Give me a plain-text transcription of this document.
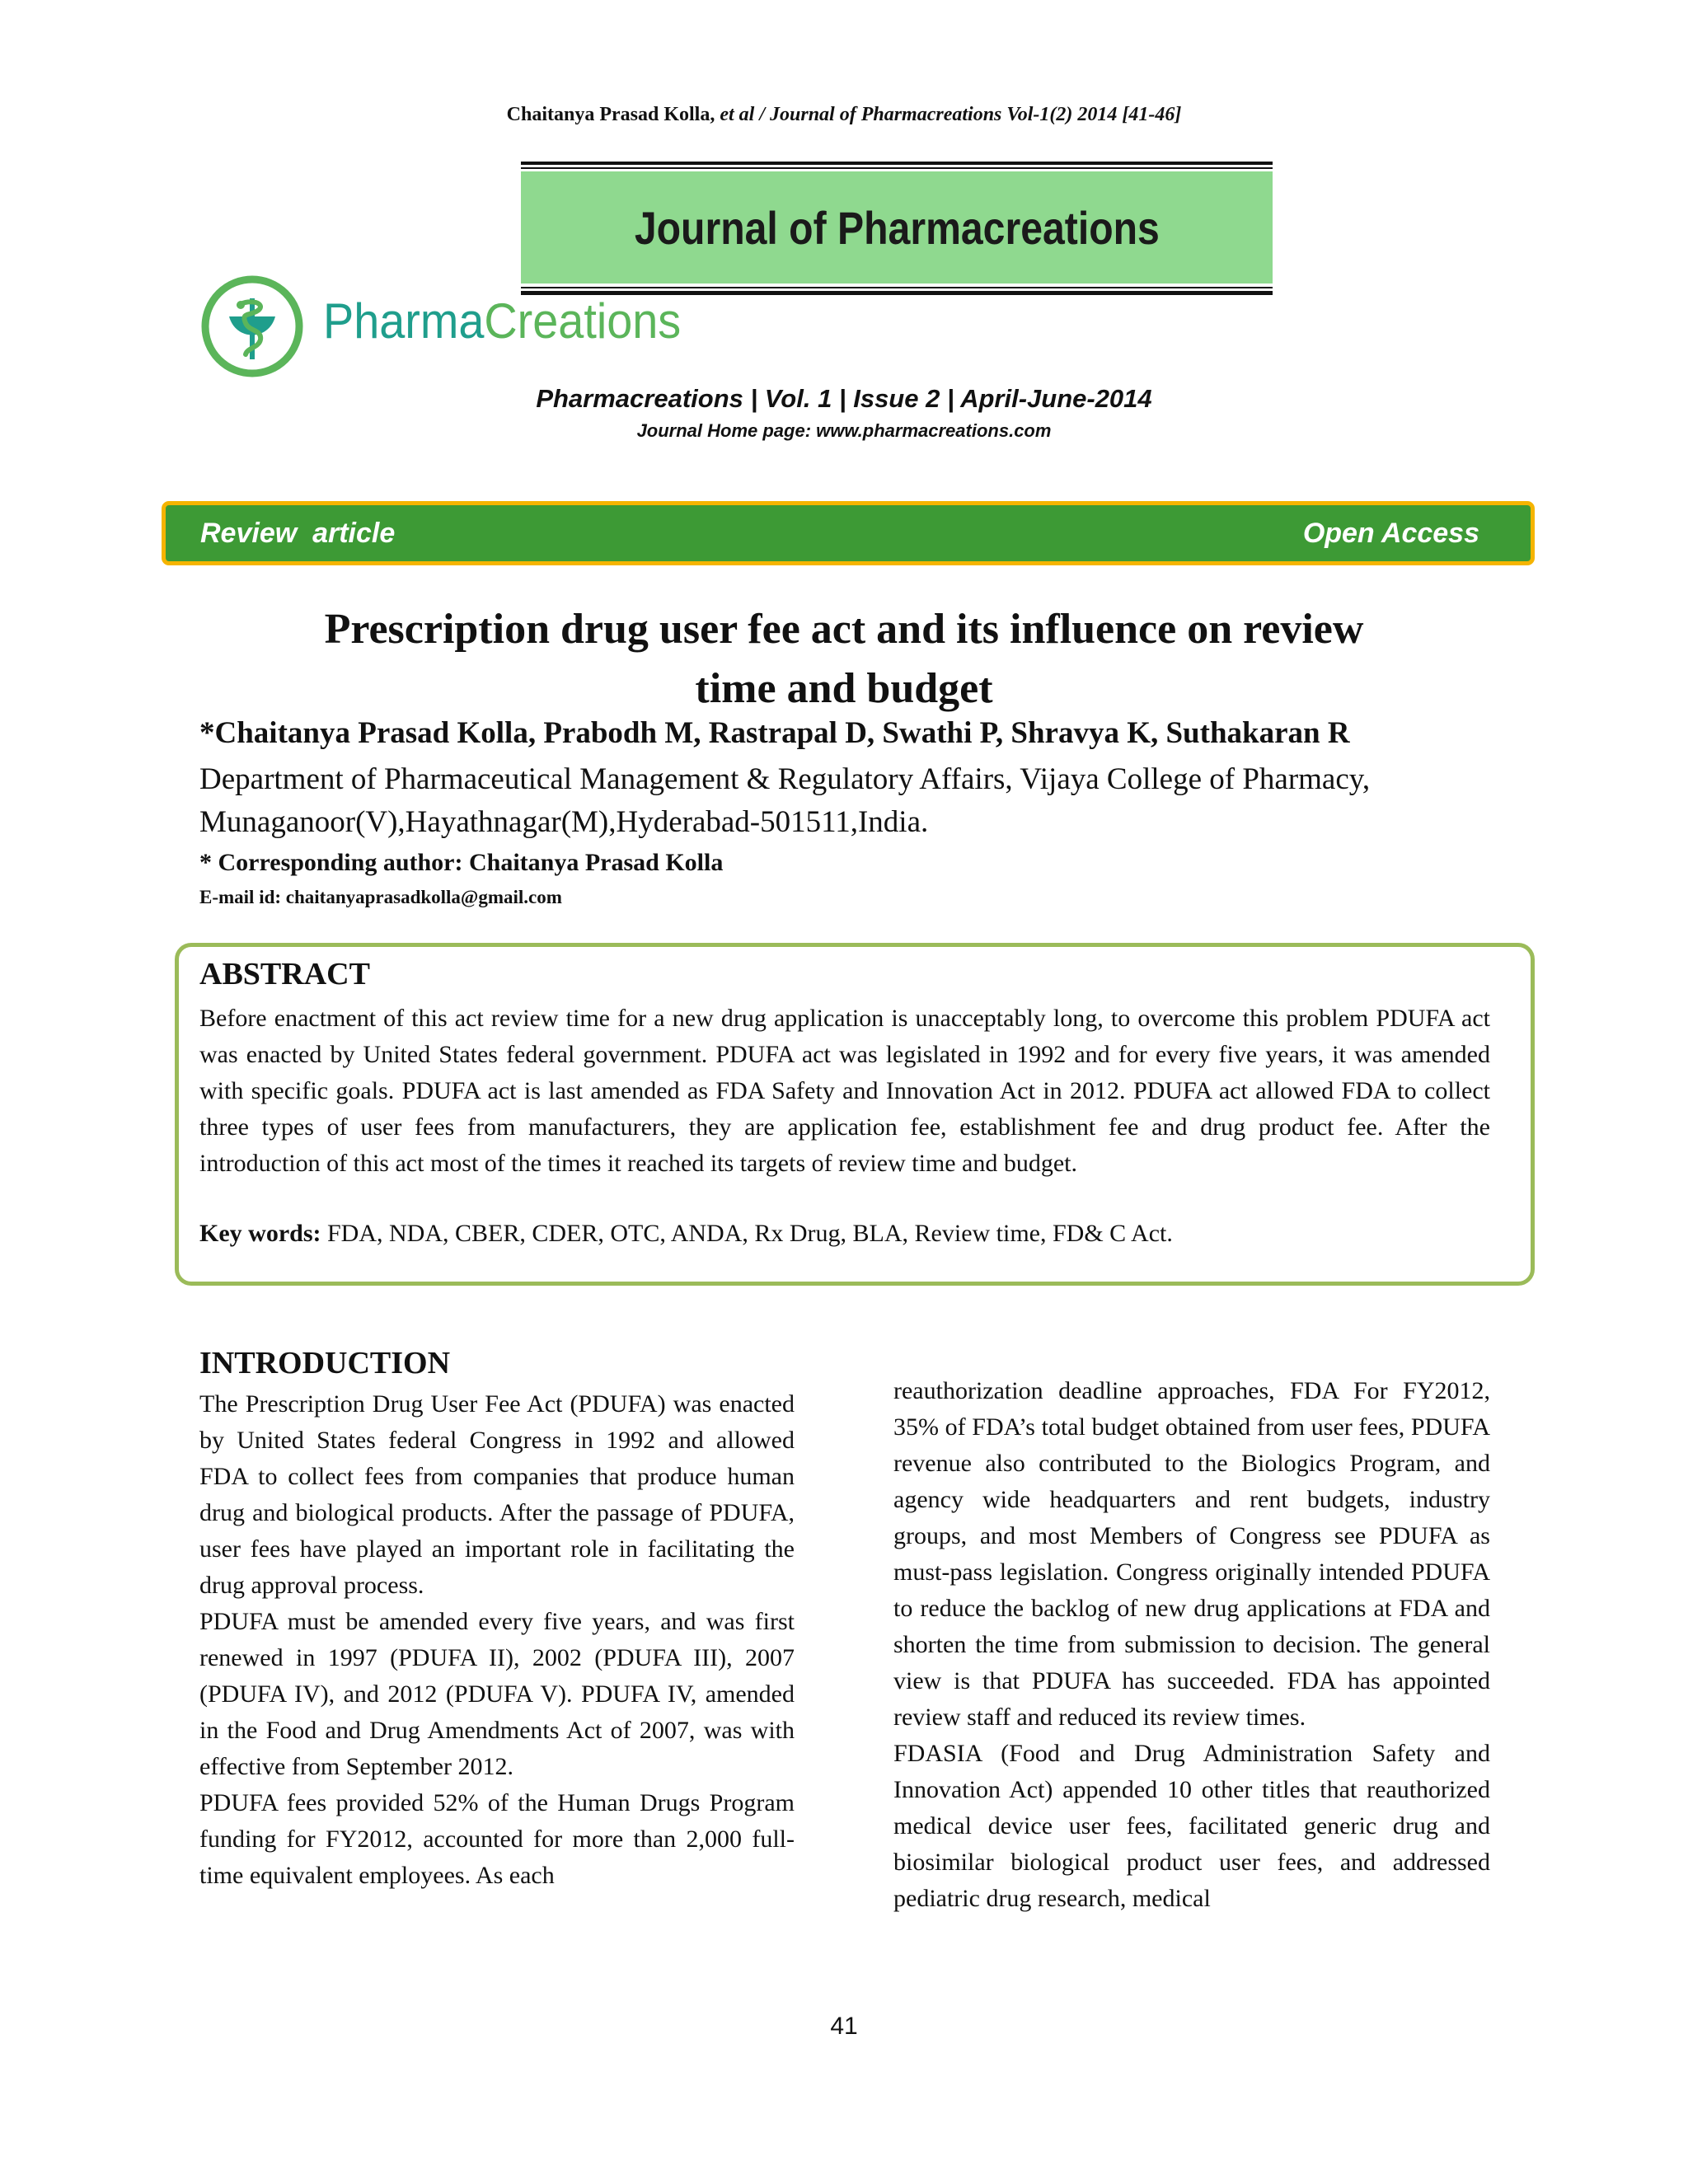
Chaitanya Prasad Kolla, et al / Journal of Pharmacreations Vol-1(2) 2014 [41-46]
Journal of Pharmacreations
PharmaCreations
Pharmacreations | Vol. 1 | Issue 2 | April-June-2014
Journal Home page: www.pharmacreations.com
Review  article	Open Access
Prescription drug user fee act and its influence on review
time and budget
*Chaitanya Prasad Kolla, Prabodh M, Rastrapal D, Swathi P, Shravya K, Suthakaran R
Department of Pharmaceutical Management & Regulatory Affairs, Vijaya College of Pharmacy, Munaganoor(V),Hayathnagar(M),Hyderabad-501511,India.
* Corresponding author: Chaitanya Prasad Kolla
E-mail id: chaitanyaprasadkolla@gmail.com
ABSTRACT
Before enactment of this act review time for a new drug application is unacceptably long, to overcome this problem PDUFA act was enacted by United States federal government. PDUFA act was legislated in 1992 and for every five years, it was amended with specific goals. PDUFA act is last amended as FDA Safety and Innovation Act in 2012. PDUFA act allowed FDA to collect three types of user fees from manufacturers, they are application fee, establishment fee and drug product fee. After the introduction of this act most of the times it reached its targets of review time and budget.
Key words: FDA, NDA, CBER, CDER, OTC, ANDA, Rx Drug, BLA, Review time, FD& C Act.
INTRODUCTION

The Prescription Drug User Fee Act (PDUFA) was enacted by United States federal Congress in 1992 and allowed FDA to collect fees from companies that produce human drug and biological products. After the passage of PDUFA, user fees have played an important role in facilitating the drug approval process.

PDUFA must be amended every five years, and was first renewed in 1997 (PDUFA II), 2002 (PDUFA III), 2007 (PDUFA IV), and 2012 (PDUFA V). PDUFA IV, amended in the Food and Drug Amendments Act of 2007, was with effective from September 2012.

PDUFA fees provided 52% of the Human Drugs Program funding for FY2012, accounted for more than 2,000 full-time equivalent employees. As each

reauthorization deadline approaches, FDA For FY2012, 35% of FDA’s total budget obtained from user fees, PDUFA revenue also contributed to the Biologics Program, and agency wide headquarters and rent budgets, industry groups, and most Members of Congress see PDUFA as must-pass legislation. Congress originally intended PDUFA to reduce the backlog of new drug applications at FDA and shorten the time from submission to decision. The general view is that PDUFA has succeeded. FDA has appointed review staff and reduced its review times.

FDASIA (Food and Drug Administration Safety and Innovation Act) appended 10 other titles that reauthorized medical device user fees, facilitated generic drug and biosimilar biological product user fees, and addressed pediatric drug research, medical

41
